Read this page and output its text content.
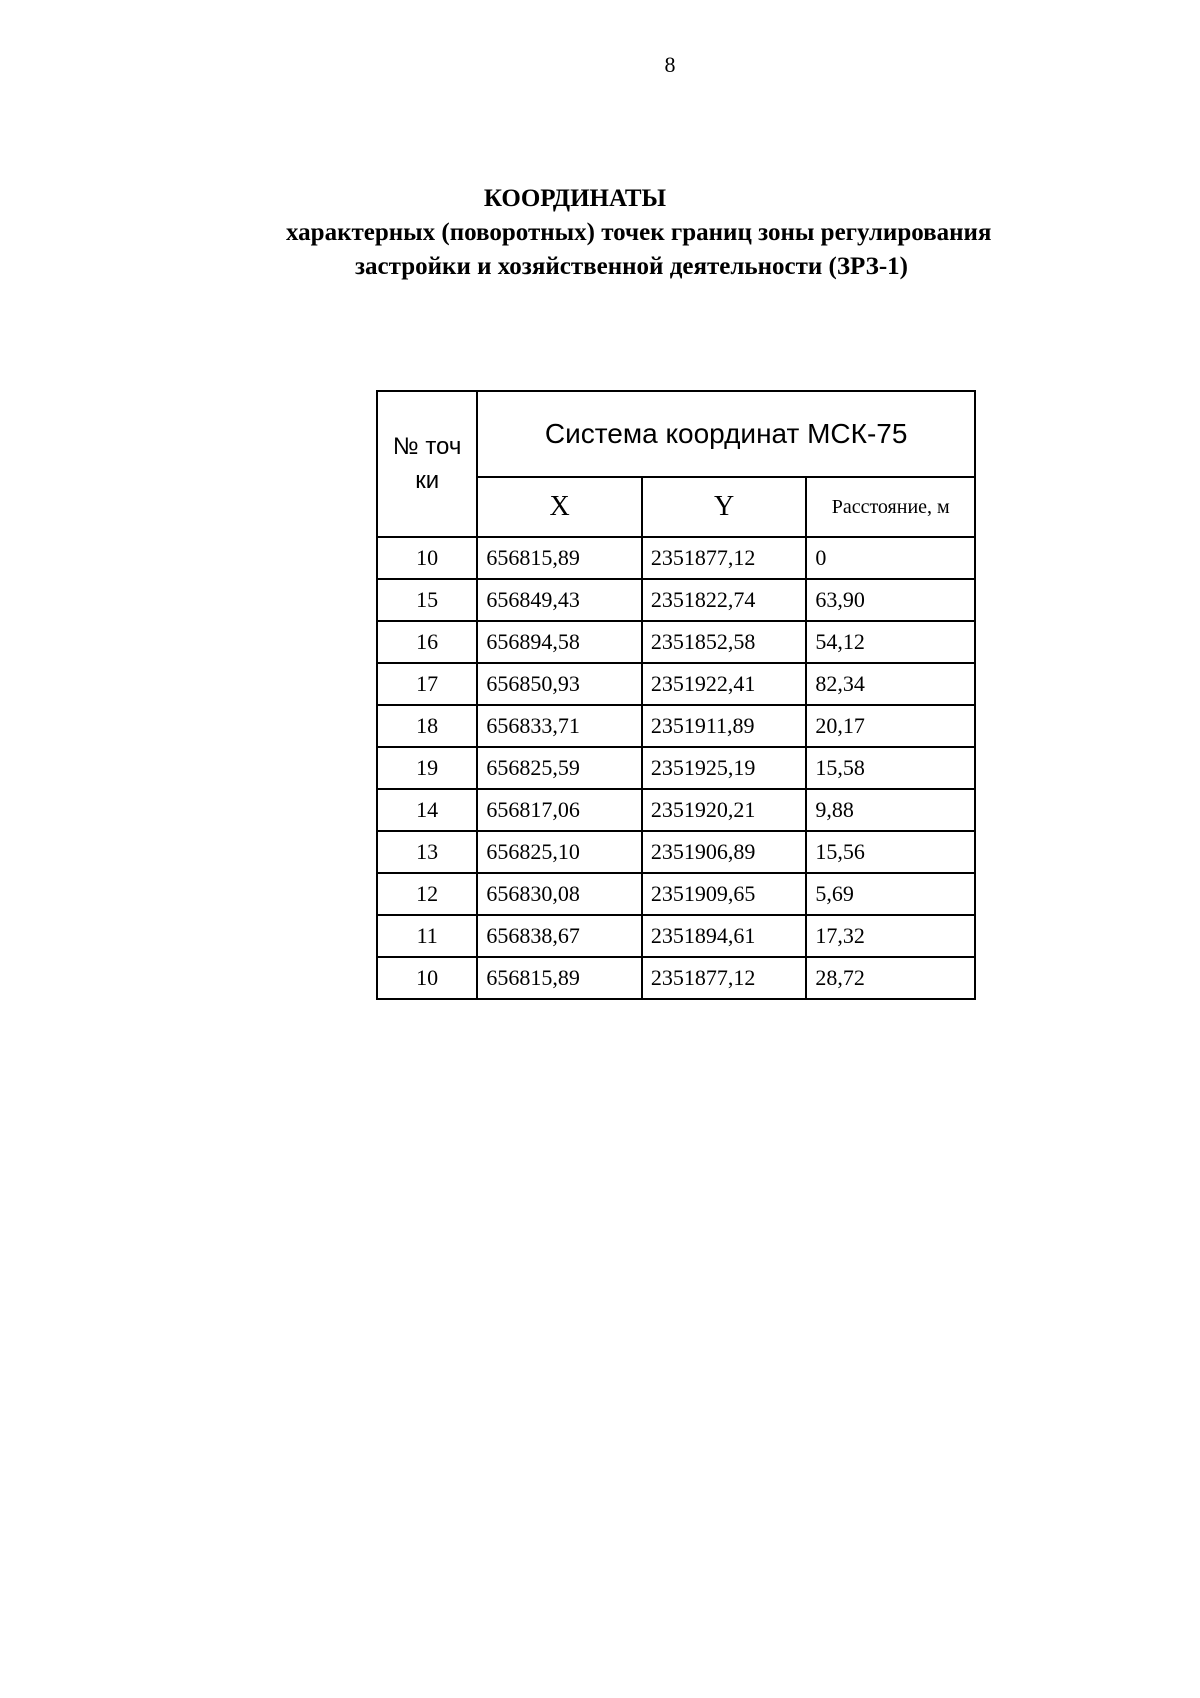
8
КООРДИНАТЫ
характерных (поворотных) точек границ зоны регулирования
застройки и хозяйственной деятельности (ЗРЗ-1)
№ точ ки	Система координат МСК-75		
	X	Y	Расстояние, м
10	656815,89	2351877,12	0
15	656849,43	2351822,74	63,90
16	656894,58	2351852,58	54,12
17	656850,93	2351922,41	82,34
18	656833,71	2351911,89	20,17
19	656825,59	2351925,19	15,58
14	656817,06	2351920,21	9,88
13	656825,10	2351906,89	15,56
12	656830,08	2351909,65	5,69
11	656838,67	2351894,61	17,32
10	656815,89	2351877,12	28,72
